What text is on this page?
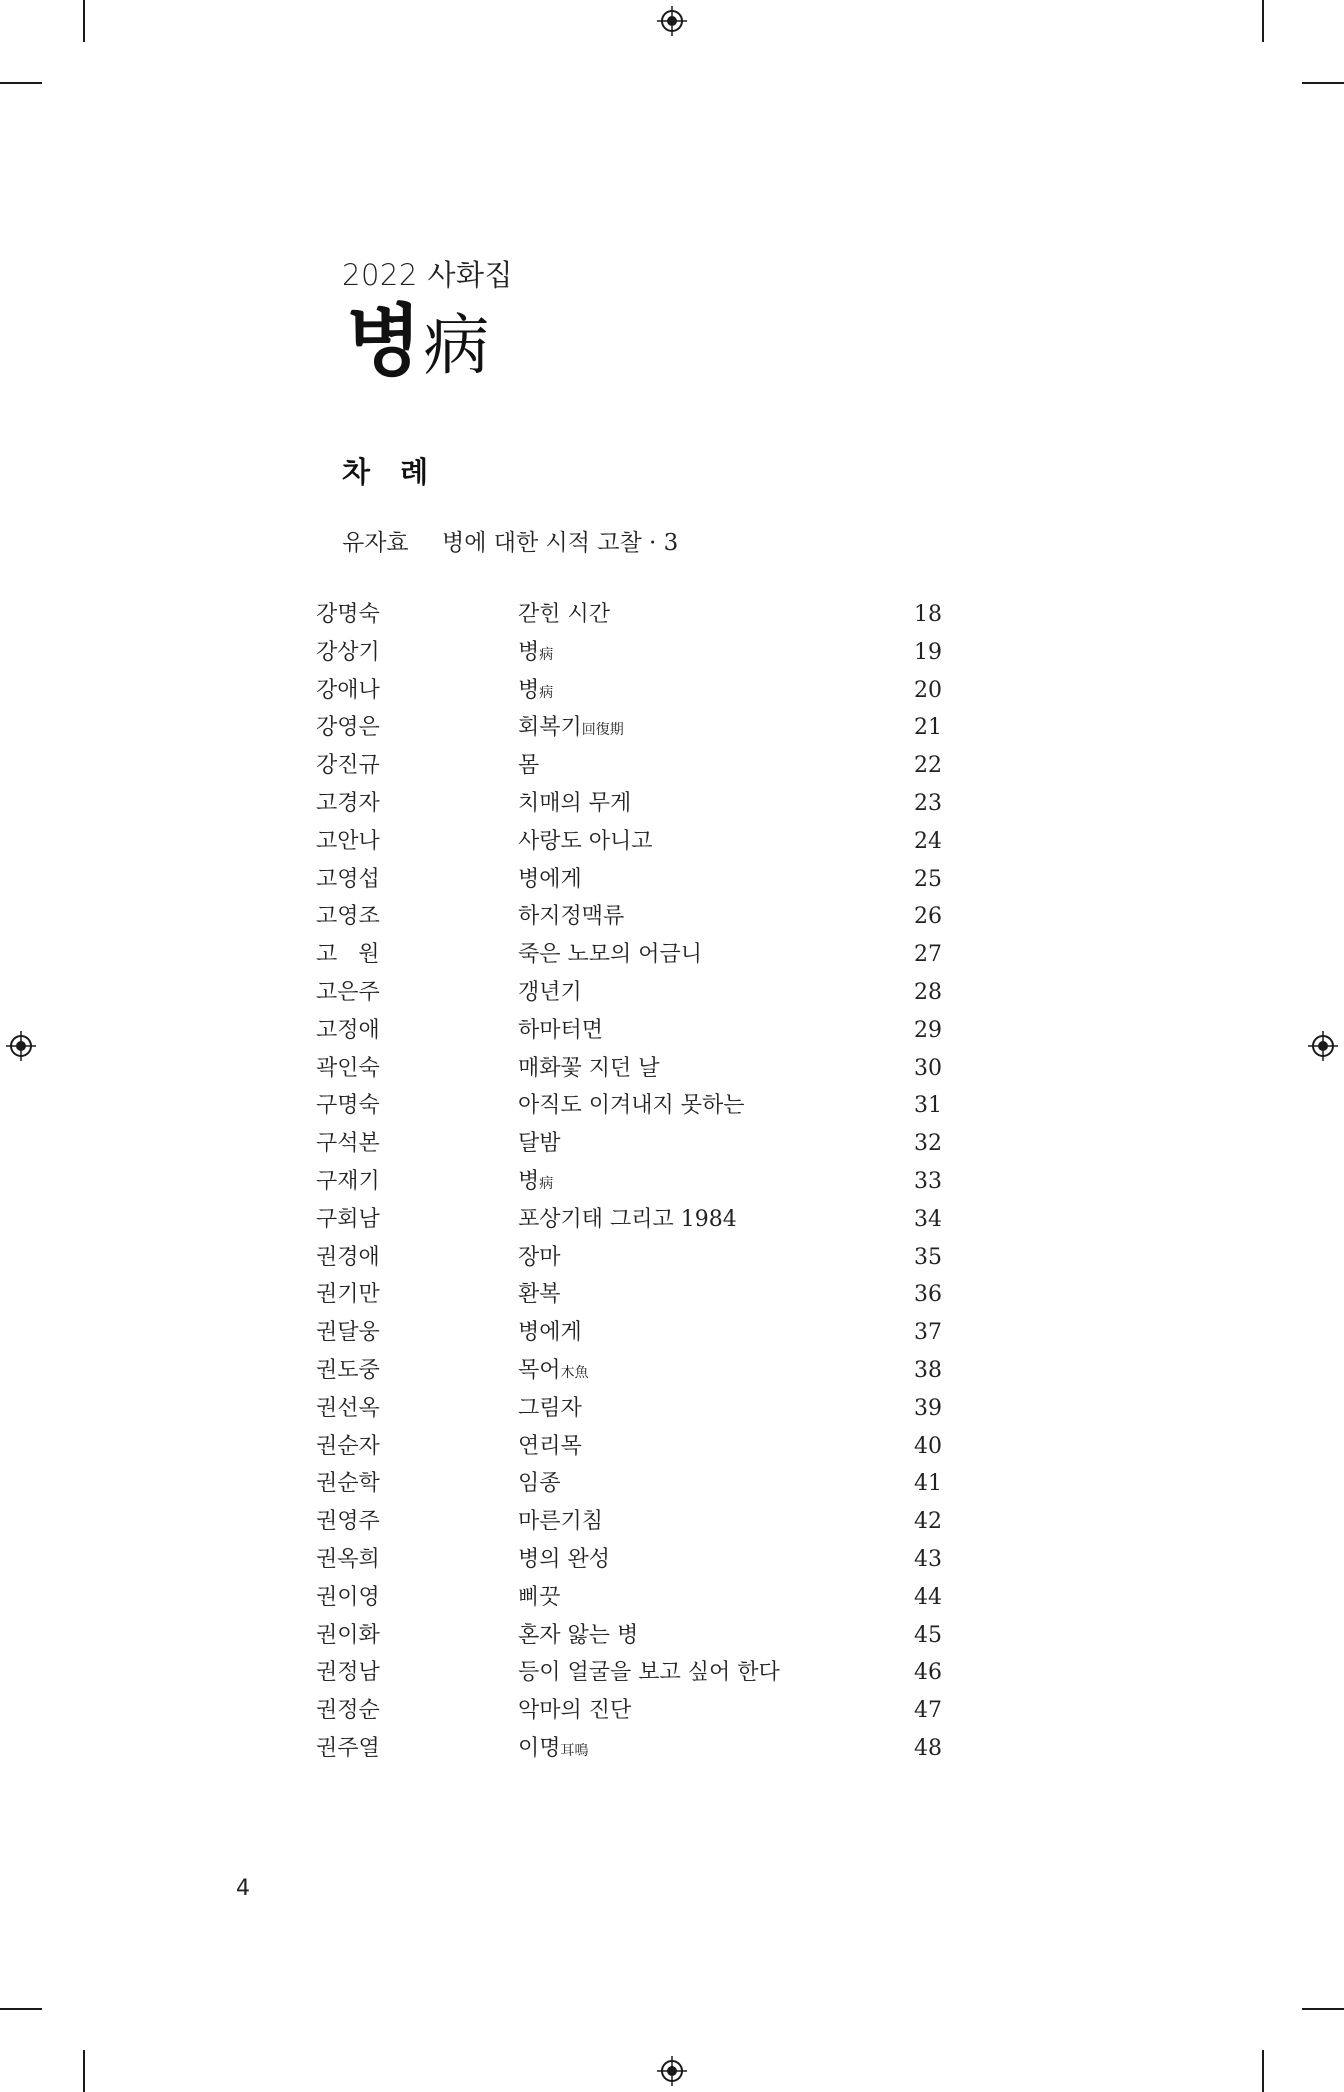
2022 사화집
병病
차 례
유자효 병에 대한 시적 고찰 · 3
강명숙	갇힌 시간	18
강상기	병病	19
강애나	병病	20
강영은	회복기回復期	21
강진규	몸	22
고경자	치매의 무게	23
고안나	사랑도 아니고	24
고영섭	병에게	25
고영조	하지정맥류	26
고   원	죽은 노모의 어금니	27
고은주	갱년기	28
고정애	하마터면	29
곽인숙	매화꽃 지던 날	30
구명숙	아직도 이겨내지 못하는	31
구석본	달밤	32
구재기	병病	33
구회남	포상기태 그리고 1984	34
권경애	장마	35
권기만	환복	36
권달웅	병에게	37
권도중	목어木魚	38
권선옥	그림자	39
권순자	연리목	40
권순학	임종	41
권영주	마른기침	42
권옥희	병의 완성	43
권이영	삐끗	44
권이화	혼자 앓는 병	45
권정남	등이 얼굴을 보고 싶어 한다	46
권정순	악마의 진단	47
권주열	이명耳鳴	48
4
